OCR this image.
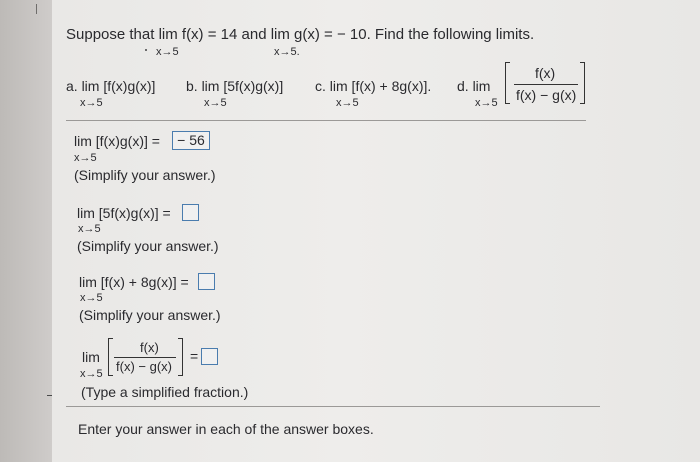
Suppose that lim f(x) = 14 and lim g(x) = − 10. Find the following limits.
x→5	x→5.
a. lim [f(x)g(x)]
x→5
b. lim [5f(x)g(x)]
x→5
c. lim [f(x) + 8g(x)].
x→5
d. lim
x→5
f(x)
f(x) − g(x)
lim [f(x)g(x)] =	− 56
x→5
(Simplify your answer.)
lim [5f(x)g(x)] =
x→5
(Simplify your answer.)
lim [f(x) + 8g(x)] =
x→5
(Simplify your answer.)
lim
x→5
f(x)
f(x) − g(x)
=
(Type a simplified fraction.)
Enter your answer in each of the answer boxes.
